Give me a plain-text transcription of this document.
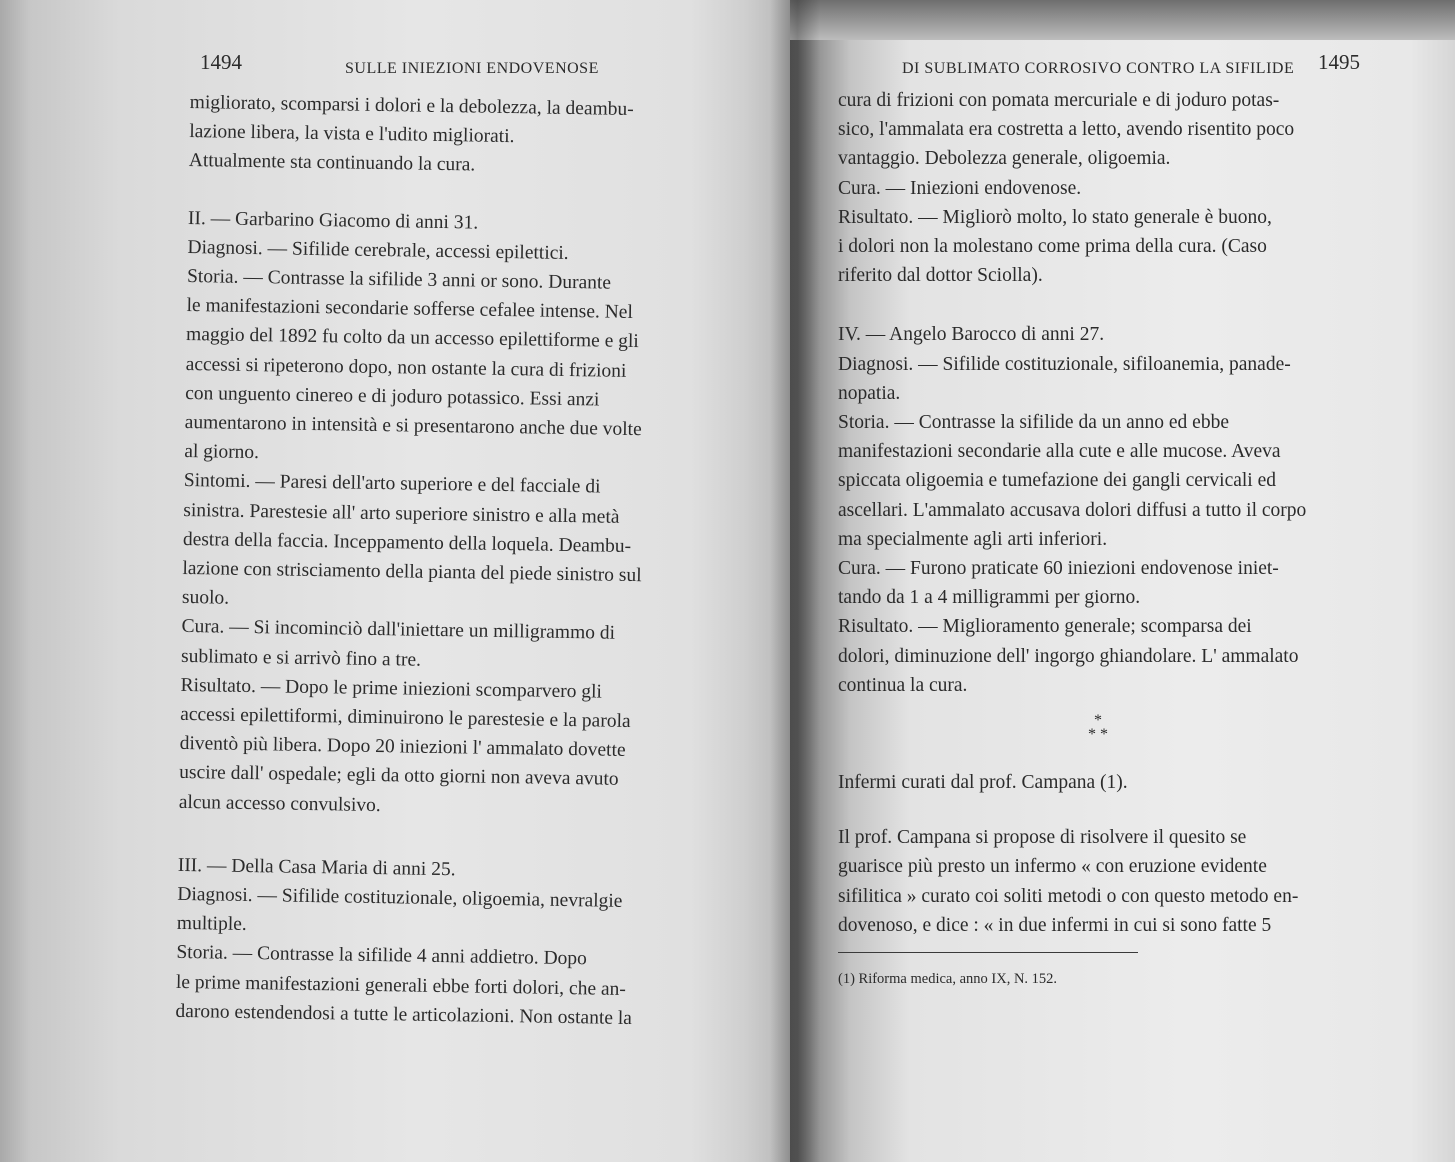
1494	SULLE INIEZIONI ENDOVENOSE

migliorato, scomparsi i dolori e la debolezza, la deambu-

lazione libera, la vista e l'udito migliorati.

Attualmente sta continuando la cura.

II. — Garbarino Giacomo di anni 31.

Diagnosi. — Sifilide cerebrale, accessi epilettici.

Storia. — Contrasse la sifilide 3 anni or sono. Durante

le manifestazioni secondarie sofferse cefalee intense. Nel

maggio del 1892 fu colto da un accesso epilettiforme e gli

accessi si ripeterono dopo, non ostante la cura di frizioni

con unguento cinereo e di joduro potassico. Essi anzi

aumentarono in intensità e si presentarono anche due volte

al giorno.

Sintomi. — Paresi dell'arto superiore e del facciale di

sinistra. Parestesie all' arto superiore sinistro e alla metà

destra della faccia. Inceppamento della loquela. Deambu-

lazione con strisciamento della pianta del piede sinistro sul

suolo.

Cura. — Si incominciò dall'iniettare un milligrammo di

sublimato e si arrivò fino a tre.

Risultato. — Dopo le prime iniezioni scomparvero gli

accessi epilettiformi, diminuirono le parestesie e la parola

diventò più libera. Dopo 20 iniezioni l' ammalato dovette

uscire dall' ospedale; egli da otto giorni non aveva avuto

alcun accesso convulsivo.

III. — Della Casa Maria di anni 25.

Diagnosi. — Sifilide costituzionale, oligoemia, nevralgie

multiple.

Storia. — Contrasse la sifilide 4 anni addietro. Dopo

le prime manifestazioni generali ebbe forti dolori, che an-

darono estendendosi a tutte le articolazioni. Non ostante la

DI SUBLIMATO CORROSIVO CONTRO LA SIFILIDE 1495

cura di frizioni con pomata mercuriale e di joduro potas-

sico, l'ammalata era costretta a letto, avendo risentito poco

vantaggio. Debolezza generale, oligoemia.

Cura. — Iniezioni endovenose.

Risultato. — Migliorò molto, lo stato generale è buono,

i dolori non la molestano come prima della cura. (Caso

riferito dal dottor Sciolla).

IV. — Angelo Barocco di anni 27.

Diagnosi. — Sifilide costituzionale, sifiloanemia, panade-

nopatia.

Storia. — Contrasse la sifilide da un anno ed ebbe

manifestazioni secondarie alla cute e alle mucose. Aveva

spiccata oligoemia e tumefazione dei gangli cervicali ed

ascellari. L'ammalato accusava dolori diffusi a tutto il corpo

ma specialmente agli arti inferiori.

Cura. — Furono praticate 60 iniezioni endovenose iniet-

tando da 1 a 4 milligrammi per giorno.

Risultato. — Miglioramento generale; scomparsa dei

dolori, diminuzione dell' ingorgo ghiandolare. L' ammalato

continua la cura.

*
* *

Infermi curati dal prof. Campana (1).

Il prof. Campana si propose di risolvere il quesito se

guarisce più presto un infermo « con eruzione evidente

sifilitica » curato coi soliti metodi o con questo metodo en-

dovenoso, e dice : « in due infermi in cui si sono fatte 5

(1) Riforma medica, anno IX, N. 152.
